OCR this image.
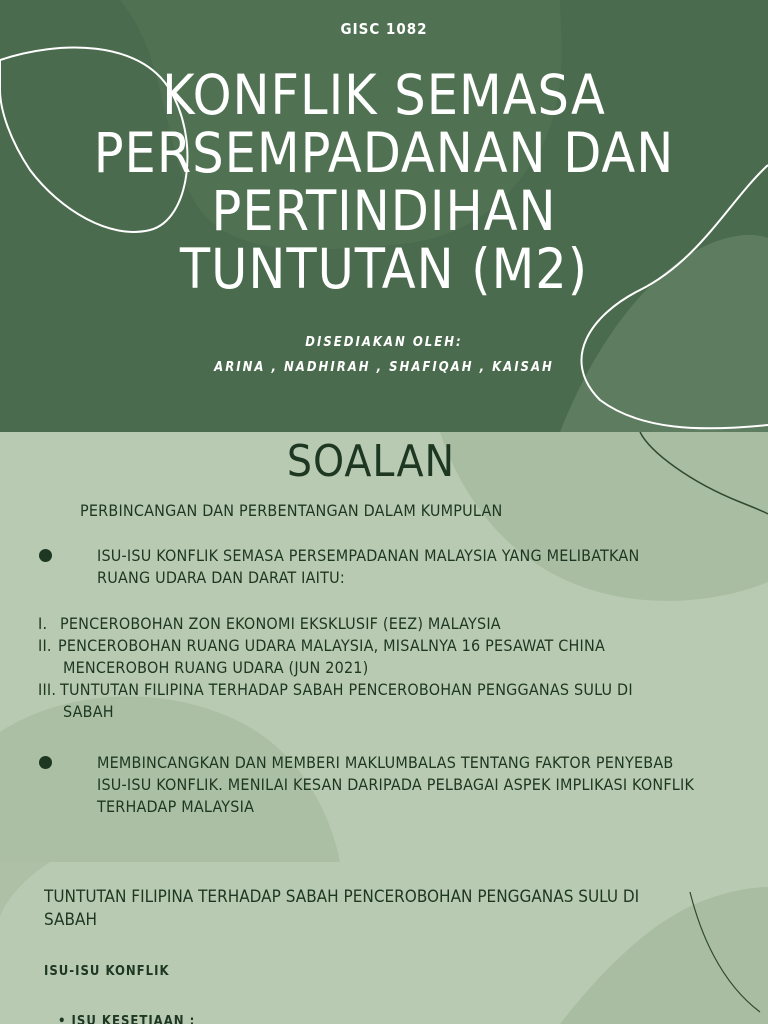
GISC 1082
KONFLIK SEMASA
PERSEMPADANAN DAN
PERTINDIHAN
TUNTUTAN (M2)
DISEDIAKAN OLEH:
ARINA , NADHIRAH , SHAFIQAH , KAISAH
SOALAN
PERBINCANGAN DAN PERBENTANGAN DALAM KUMPULAN
ISU-ISU KONFLIK SEMASA PERSEMPADANAN MALAYSIA YANG MELIBATKAN
RUANG UDARA DAN DARAT IAITU:
I. PENCEROBOHAN ZON EKONOMI EKSKLUSIF (EEZ) MALAYSIA
II. PENCEROBOHAN RUANG UDARA MALAYSIA, MISALNYA 16 PESAWAT CHINA
MENCEROBOH RUANG UDARA (JUN 2021)
III. TUNTUTAN FILIPINA TERHADAP SABAH PENCEROBOHAN PENGGANAS SULU DI
SABAH
MEMBINCANGKAN DAN MEMBERI MAKLUMBALAS TENTANG FAKTOR PENYEBAB
ISU-ISU KONFLIK. MENILAI KESAN DARIPADA PELBAGAI ASPEK IMPLIKASI KONFLIK
TERHADAP MALAYSIA
TUNTUTAN FILIPINA TERHADAP SABAH PENCEROBOHAN PENGGANAS SULU DI
SABAH
ISU-ISU KONFLIK
• ISU KESETIAAN :
